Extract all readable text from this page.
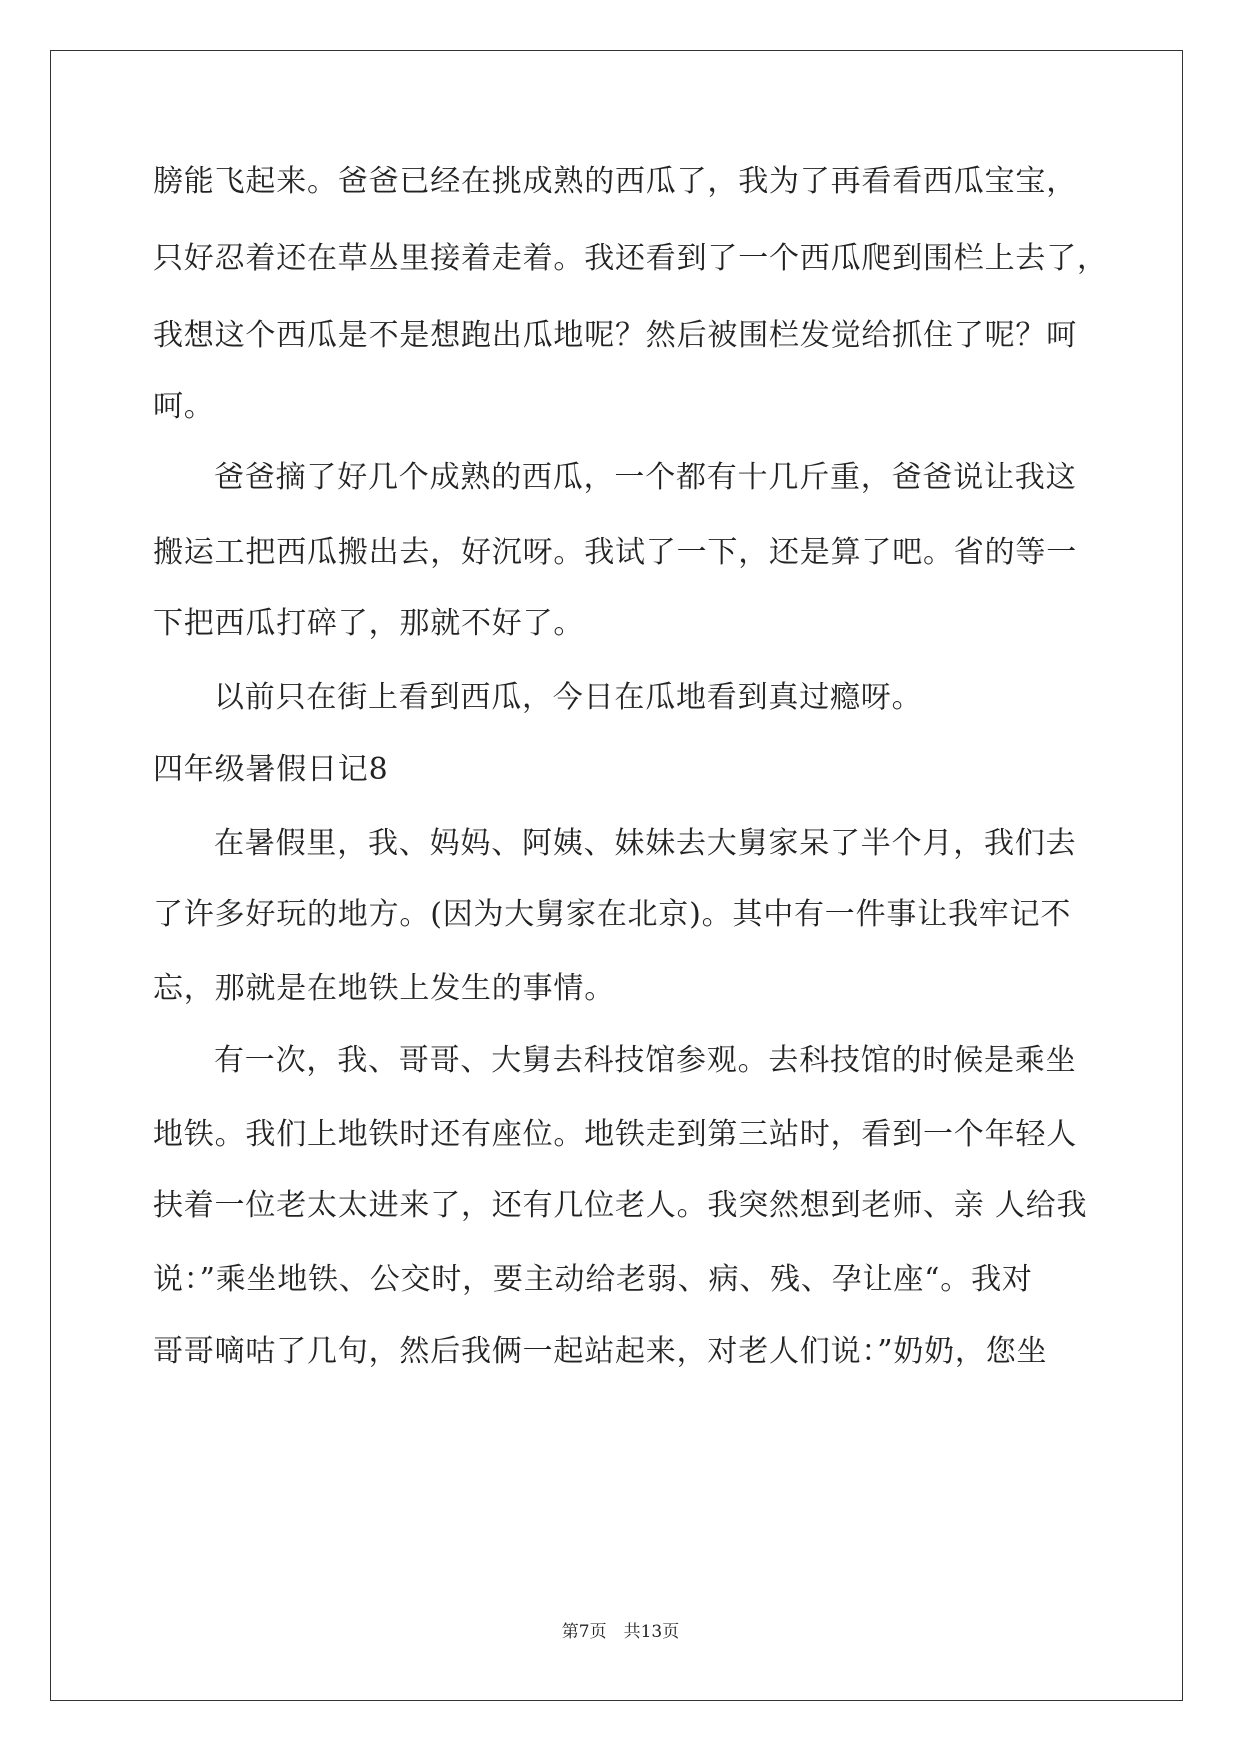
膀能飞起来。爸爸已经在挑成熟的西瓜了，我为了再看看西瓜宝宝，
只好忍着还在草丛里接着走着。我还看到了一个西瓜爬到围栏上去了，
我想这个西瓜是不是想跑出瓜地呢？然后被围栏发觉给抓住了呢？呵
呵。
爸爸摘了好几个成熟的西瓜，一个都有十几斤重，爸爸说让我这
搬运工把西瓜搬出去，好沉呀。我试了一下，还是算了吧。省的等一
下把西瓜打碎了，那就不好了。
以前只在街上看到西瓜，今日在瓜地看到真过瘾呀。
四年级暑假日记8
在暑假里，我、妈妈、阿姨、妹妹去大舅家呆了半个月，我们去
了许多好玩的地方。(因为大舅家在北京)。其中有一件事让我牢记不
忘，那就是在地铁上发生的事情。
有一次，我、哥哥、大舅去科技馆参观。去科技馆的时候是乘坐
地铁。我们上地铁时还有座位。地铁走到第三站时，看到一个年轻人
扶着一位老太太进来了，还有几位老人。我突然想到老师、亲 人给我
说：”乘坐地铁、公交时，要主动给老弱、病、残、孕让座“。我对
哥哥嘀咕了几句，然后我俩一起站起来，对老人们说：”奶奶，您坐
第7页　共13页
